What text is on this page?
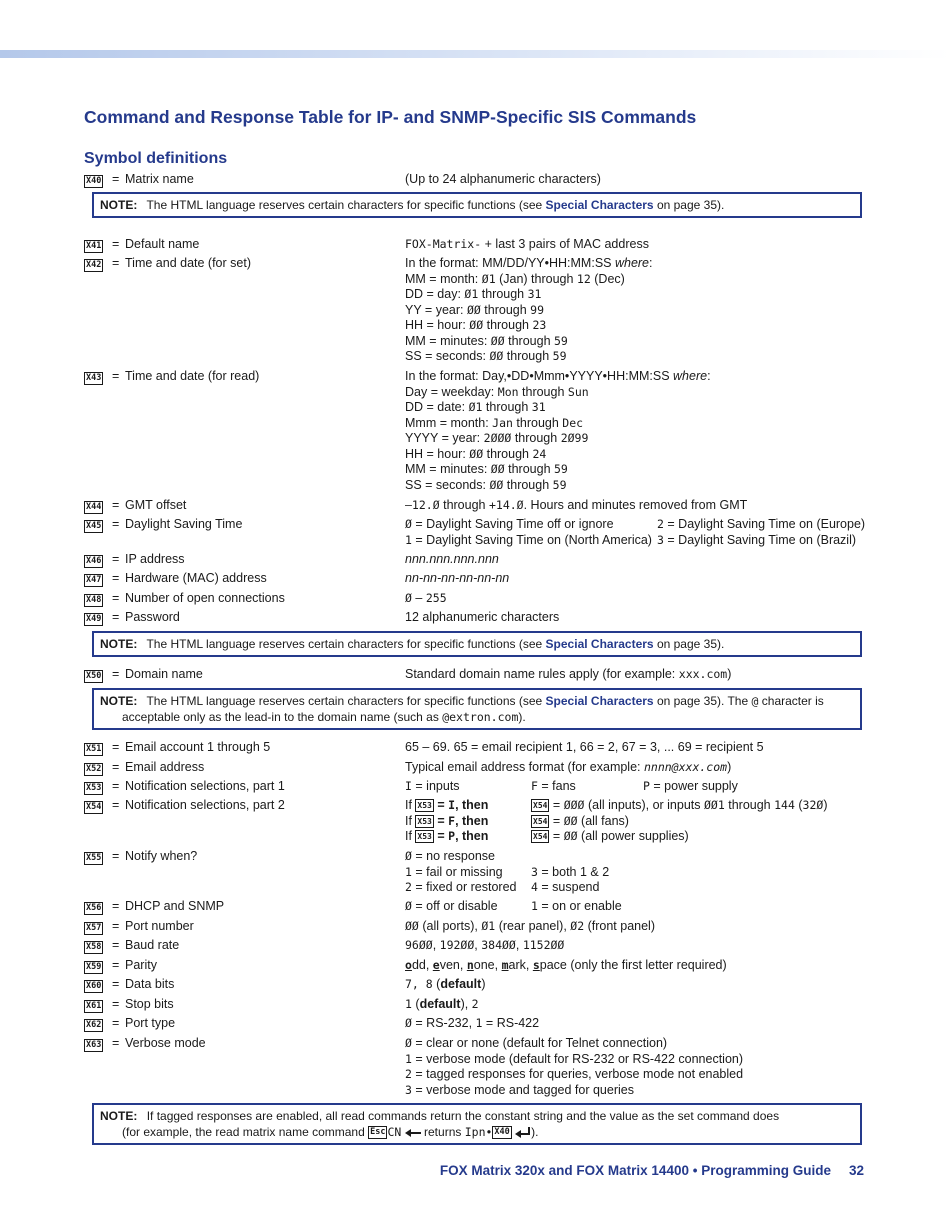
Command and Response Table for IP- and SNMP-Specific SIS Commands
Symbol definitions
X40 = Matrix name	(Up to 24 alphanumeric characters)
NOTE: The HTML language reserves certain characters for specific functions (see Special Characters on page 35).
X41 = Default name	FOX-Matrix- + last 3 pairs of MAC address
X42 = Time and date (for set)	In the format: MM/DD/YY•HH:MM:SS where:
MM = month: Ø1 (Jan) through 12 (Dec)
DD = day: Ø1 through 31
YY = year: ØØ through 99
HH = hour: ØØ through 23
MM = minutes: ØØ through 59
SS = seconds: ØØ through 59
X43 = Time and date (for read)	In the format: Day,•DD•Mmm•YYYY•HH:MM:SS where:
Day = weekday: Mon through Sun
DD = date: Ø1 through 31
Mmm = month: Jan through Dec
YYYY = year: 2ØØØ through 2Ø99
HH = hour: ØØ through 24
MM = minutes: ØØ through 59
SS = seconds: ØØ through 59
X44 = GMT offset	–12.Ø through +14.Ø. Hours and minutes removed from GMT
X45 = Daylight Saving Time	Ø = Daylight Saving Time off or ignore	2 = Daylight Saving Time on (Europe)
1 = Daylight Saving Time on (North America) 3 = Daylight Saving Time on (Brazil)
X46 = IP address	nnn.nnn.nnn.nnn
X47 = Hardware (MAC) address	nn-nn-nn-nn-nn-nn
X48 = Number of open connections	Ø – 255
X49 = Password	12 alphanumeric characters
NOTE: The HTML language reserves certain characters for specific functions (see Special Characters on page 35).
X50 = Domain name	Standard domain name rules apply (for example: xxx.com)
NOTE: The HTML language reserves certain characters for specific functions (see Special Characters on page 35). The @ character is
acceptable only as the lead-in to the domain name (such as @extron.com).
X51 = Email account 1 through 5	65 – 69. 65 = email recipient 1, 66 = 2, 67 = 3, ... 69 = recipient 5
X52 = Email address	Typical email address format (for example: nnnn@xxx.com)
X53 = Notification selections, part 1	I = inputs	F = fans	P = power supply
X54 = Notification selections, part 2	If X53 = I, then	X54 = ØØØ (all inputs), or inputs ØØ1 through 144 (32Ø)
If X53 = F, then	X54 = ØØ (all fans)
If X53 = P, then	X54 = ØØ (all power supplies)
X55 = Notify when?	Ø = no response
1 = fail or missing 3 = both 1 & 2
2 = fixed or restored 4 = suspend
X56 = DHCP and SNMP	Ø = off or disable	1 = on or enable
X57 = Port number	ØØ (all ports), Ø1 (rear panel), Ø2 (front panel)
X58 = Baud rate	96ØØ, 192ØØ, 384ØØ, 1152ØØ
X59 = Parity	odd, even, none, mark, space (only the first letter required)
X60 = Data bits	7, 8 (default)
X61 = Stop bits	1 (default), 2
X62 = Port type	Ø = RS-232, 1 = RS-422
X63 = Verbose mode	Ø = clear or none (default for Telnet connection)
1 = verbose mode (default for RS-232 or RS-422 connection)
2 = tagged responses for queries, verbose mode not enabled
3 = verbose mode and tagged for queries
NOTE: If tagged responses are enabled, all read commands return the constant string and the value as the set command does
(for example, the read matrix name command Esc CN returns Ipn• X40 ).
FOX Matrix 320x and FOX Matrix 14400 • Programming Guide 32
